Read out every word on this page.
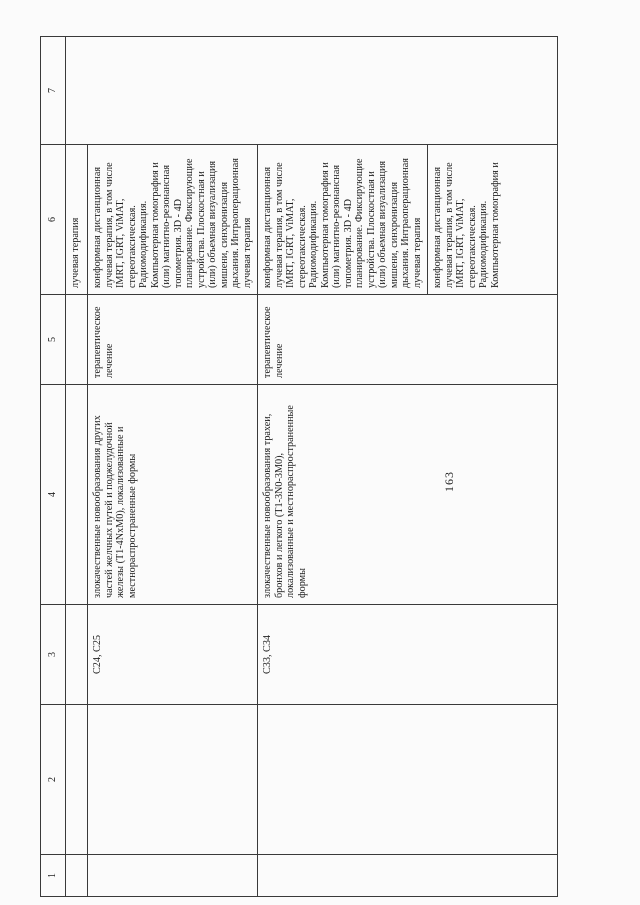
163
1	2	3	4	5	6	7
					лучевая терапия	
		C24, C25	злокачественные новообразования других частей желчных путей и поджелудочной железы (T1-4NxM0), локализованные и местнораспространенные формы	терапевтическое лечение	конформная дистанционная лучевая терапия, в том числе IMRT, IGRT, ViMAT, стереотаксическая. Радиомодификация. Компьютерная томография и (или) магнитно-резонансная топометрия. 3D - 4D планирование. Фиксирующие устройства. Плоскостная и (или) объемная визуализация мишени, синхронизация дыхания. Интраоперационная лучевая терапия	
		C33, C34	злокачественные новообразования трахеи, бронхов и легкого (T1-3N0-3M0), локализованные и местнораспространенные формы	терапевтическое лечение	конформная дистанционная лучевая терапия, в том числе IMRT, IGRT, ViMAT, стереотаксическая. Радиомодификация. Компьютерная томография и (или) магнитно-резонансная топометрия. 3D - 4D планирование. Фиксирующие устройства. Плоскостная и (или) объемная визуализация мишени, синхронизация дыхания. Интраоперационная лучевая терапия конформная дистанционная лучевая терапия, в том числе IMRT, IGRT, ViMAT, стереотаксическая. Радиомодификация. Компьютерная томография и	
